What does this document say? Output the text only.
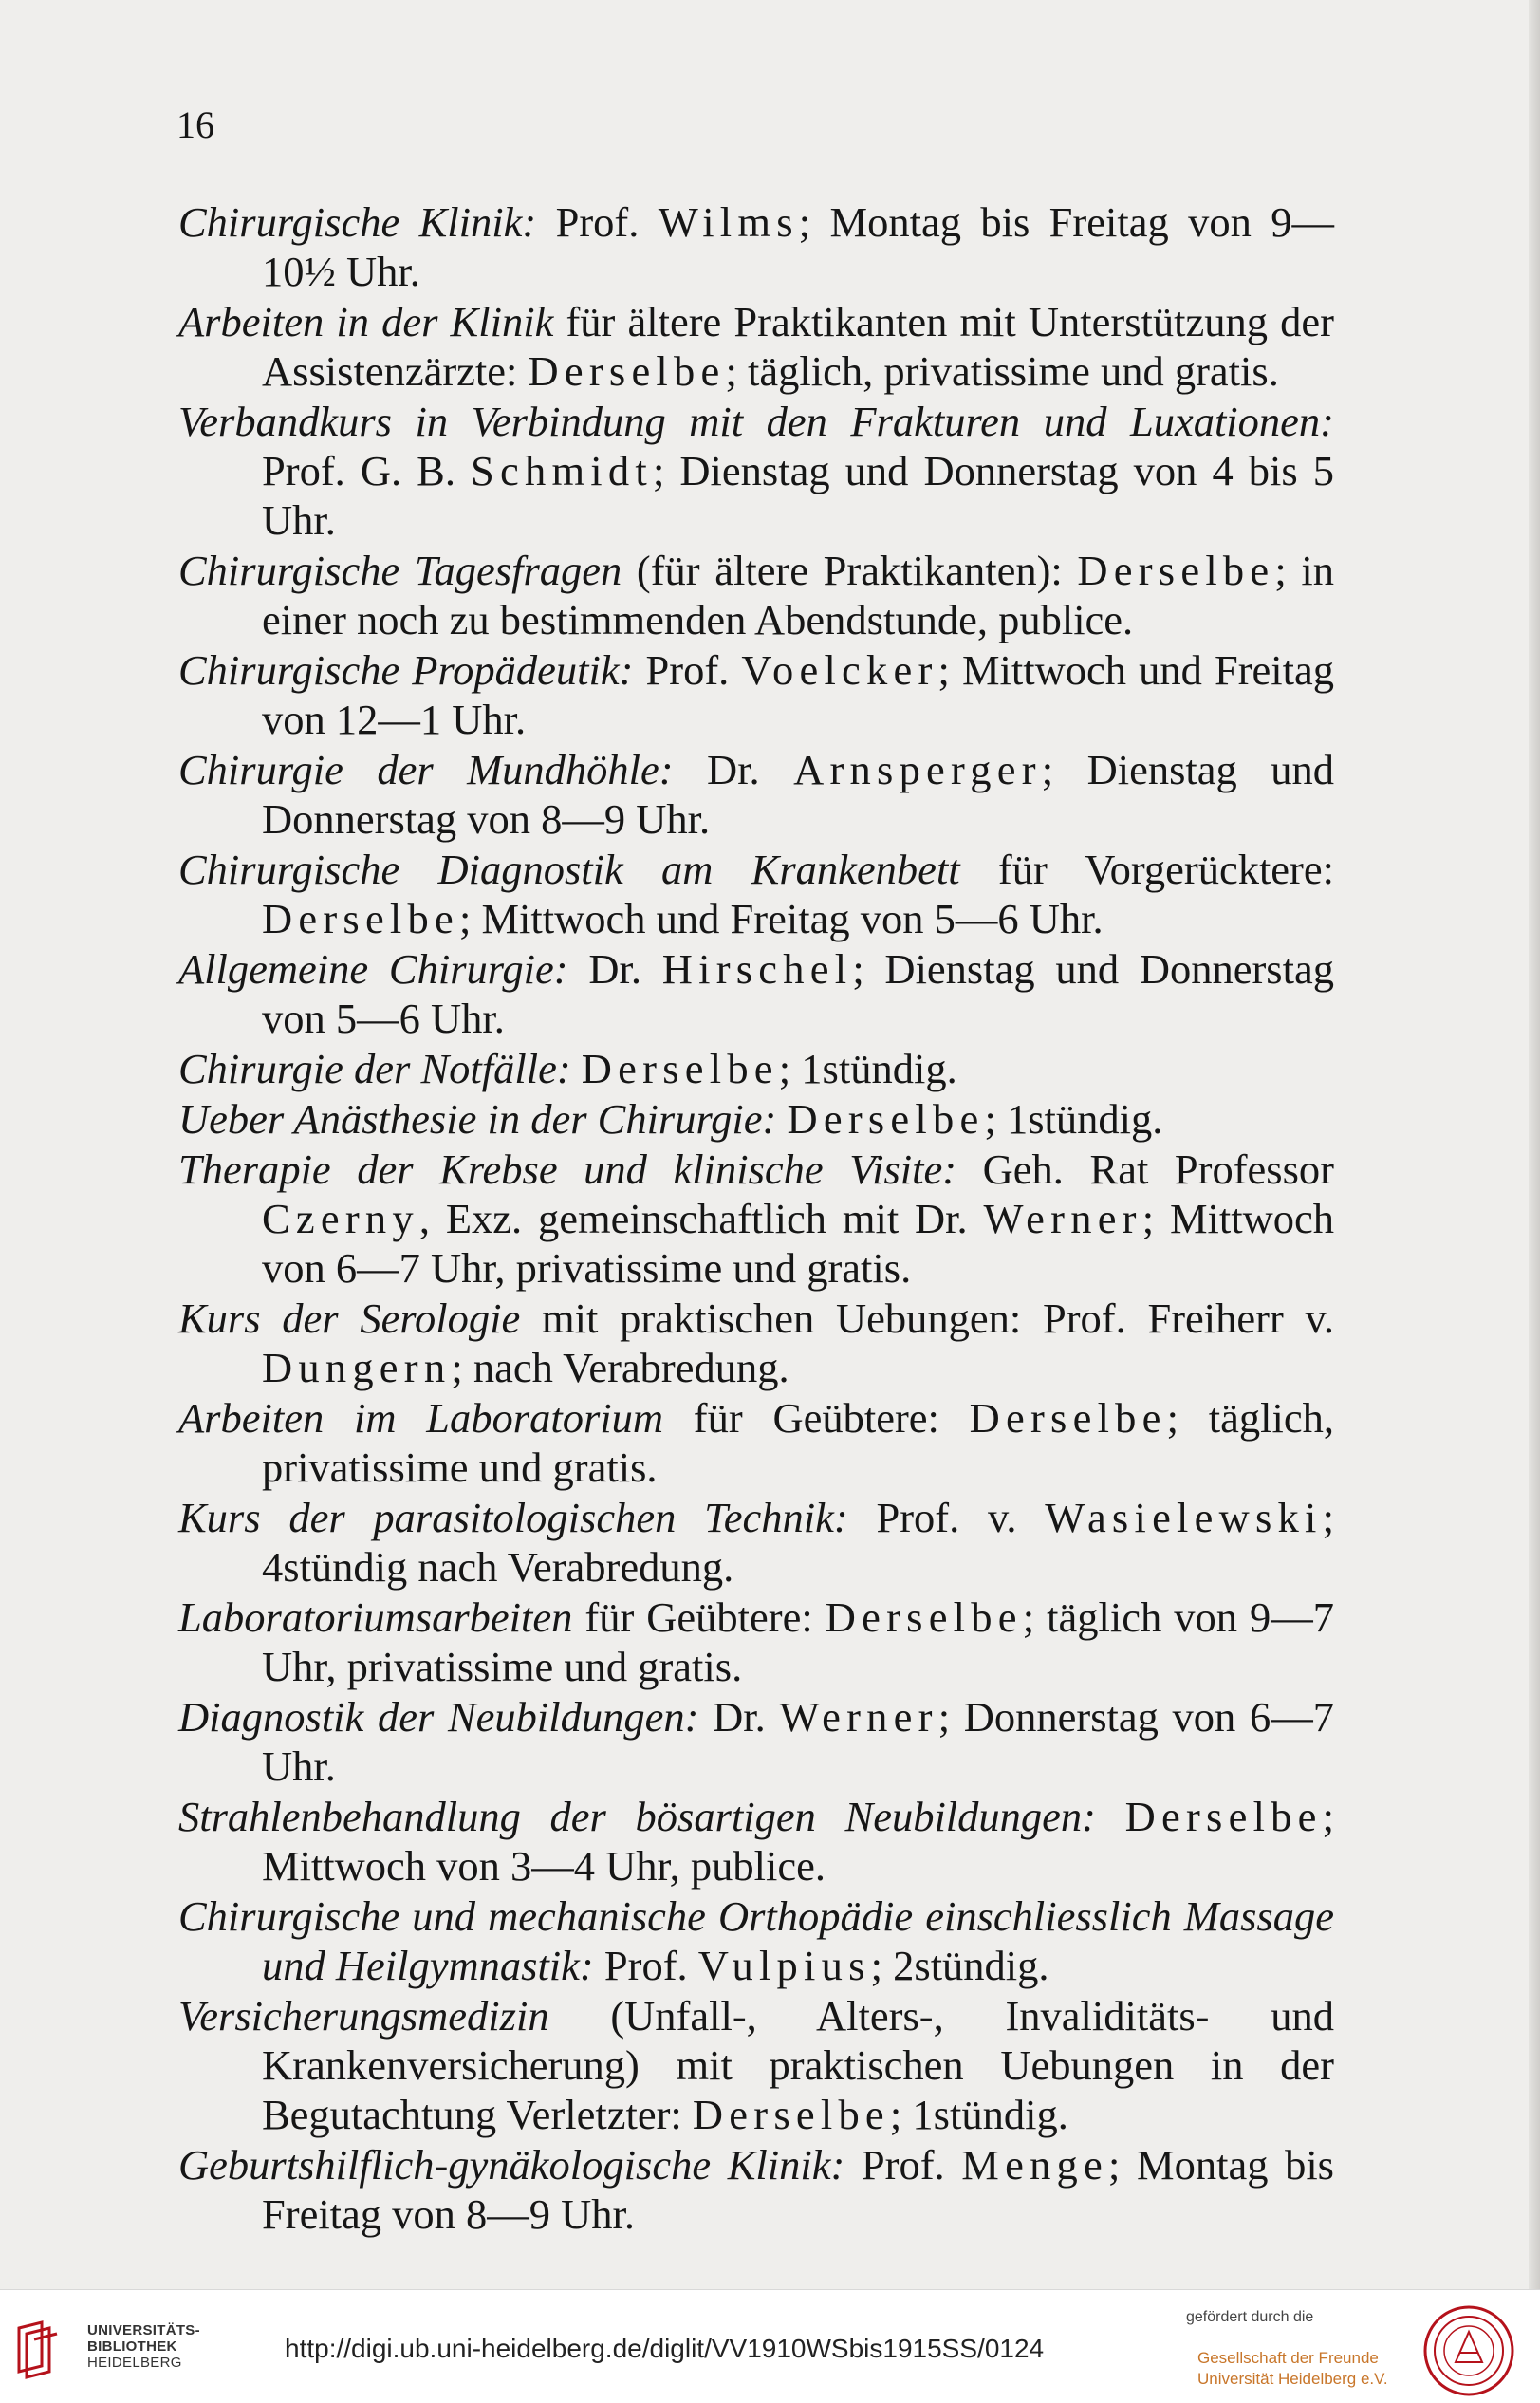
16
Chirurgische Klinik: Prof. Wilms; Montag bis Freitag von 9—10½ Uhr.
Arbeiten in der Klinik für ältere Praktikanten mit Unterstützung der Assistenzärzte: Derselbe; täglich, privatissime und gratis.
Verbandkurs in Verbindung mit den Frakturen und Luxationen: Prof. G. B. Schmidt; Dienstag und Donnerstag von 4 bis 5 Uhr.
Chirurgische Tagesfragen (für ältere Praktikanten): Derselbe; in einer noch zu bestimmenden Abendstunde, publice.
Chirurgische Propädeutik: Prof. Voelcker; Mittwoch und Freitag von 12—1 Uhr.
Chirurgie der Mundhöhle: Dr. Arnsperger; Dienstag und Donnerstag von 8—9 Uhr.
Chirurgische Diagnostik am Krankenbett für Vorgerücktere: Derselbe; Mittwoch und Freitag von 5—6 Uhr.
Allgemeine Chirurgie: Dr. Hirschel; Dienstag und Donnerstag von 5—6 Uhr.
Chirurgie der Notfälle: Derselbe; 1stündig.
Ueber Anästhesie in der Chirurgie: Derselbe; 1stündig.
Therapie der Krebse und klinische Visite: Geh. Rat Professor Czerny, Exz. gemeinschaftlich mit Dr. Werner; Mittwoch von 6—7 Uhr, privatissime und gratis.
Kurs der Serologie mit praktischen Uebungen: Prof. Freiherr v. Dungern; nach Verabredung.
Arbeiten im Laboratorium für Geübtere: Derselbe; täglich, privatissime und gratis.
Kurs der parasitologischen Technik: Prof. v. Wasielewski; 4stündig nach Verabredung.
Laboratoriumsarbeiten für Geübtere: Derselbe; täglich von 9—7 Uhr, privatissime und gratis.
Diagnostik der Neubildungen: Dr. Werner; Donnerstag von 6—7 Uhr.
Strahlenbehandlung der bösartigen Neubildungen: Derselbe; Mittwoch von 3—4 Uhr, publice.
Chirurgische und mechanische Orthopädie einschliesslich Massage und Heilgymnastik: Prof. Vulpius; 2stündig.
Versicherungsmedizin (Unfall-, Alters-, Invaliditäts- und Krankenversicherung) mit praktischen Uebungen in der Begutachtung Verletzter: Derselbe; 1stündig.
Geburtshilflich-gynäkologische Klinik: Prof. Menge; Montag bis Freitag von 8—9 Uhr.
UNIVERSITÄTS-
BIBLIOTHEK
HEIDELBERG	http://digi.ub.uni-heidelberg.de/diglit/VV1910WSbis1915SS/0124
gefördert durch die
Gesellschaft der Freunde
Universität Heidelberg e.V.
